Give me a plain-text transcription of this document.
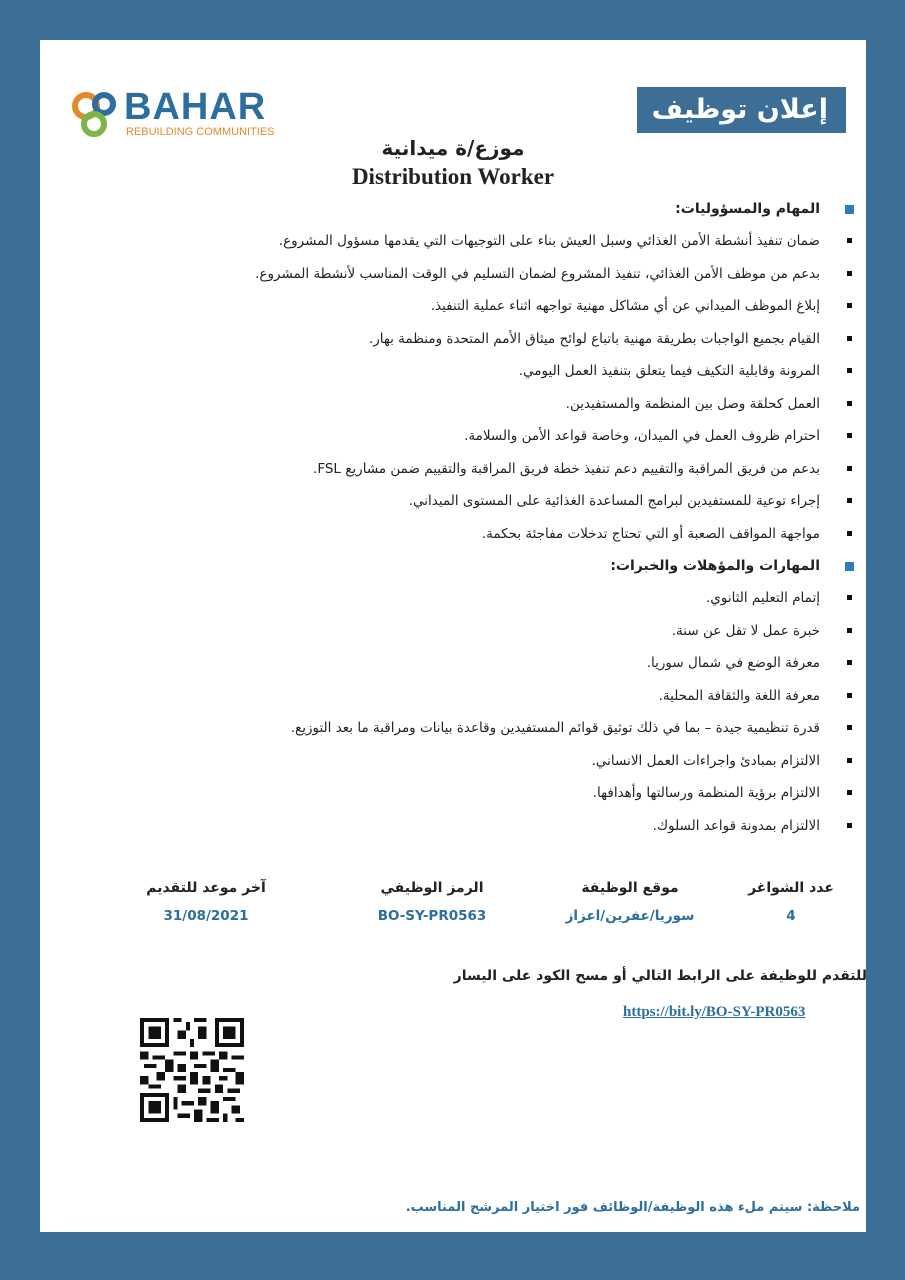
BAHAR
REBUILDING COMMUNITIES
إعلان توظيف
موزع/ة ميدانية
Distribution Worker
المهام والمسؤوليات:
ضمان تنفيذ أنشطة الأمن الغذائي وسبل العيش بناء على التوجيهات التي يقدمها مسؤول المشروع.
بدعم من موظف الأمن الغذائي، تنفيذ المشروع لضمان التسليم في الوقت المناسب لأنشطة المشروع.
إبلاغ الموظف الميداني عن أي مشاكل مهنية تواجهه اثناء عملية التنفيذ.
القيام بجميع الواجبات بطريقة مهنية باتباع لوائح ميثاق الأمم المتحدة ومنظمة بهار.
المرونة وقابلية التكيف فيما يتعلق بتنفيذ العمل اليومي.
العمل كحلقة وصل بين المنظمة والمستفيدين.
احترام ظروف العمل في الميدان، وخاصة قواعد الأمن والسلامة.
بدعم من فريق المراقبة والتقييم دعم تنفيذ خطة فريق المراقبة والتقييم ضمن مشاريع FSL.
إجراء توعية للمستفيدين لبرامج المساعدة الغذائية على المستوى الميداني.
مواجهة المواقف الصعبة أو التي تحتاج تدخلات مفاجئة بحكمة.
المهارات والمؤهلات والخبرات:
إتمام التعليم الثانوي.
خبرة عمل لا تقل عن سنة.
معرفة الوضع في شمال سوريا.
معرفة اللغة والثقافة المحلية.
قدرة تنظيمية جيدة – بما في ذلك توثيق قوائم المستفيدين وقاعدة بيانات ومراقبة ما بعد التوزيع.
الالتزام بمبادئ واجراءات العمل الانساني.
الالتزام برؤية المنظمة ورسالتها وأهدافها.
الالتزام بمدونة قواعد السلوك.
عدد الشواغر
4
موقع الوظيفة
سوريا/عفرين/اعزاز
الرمز الوظيفي
BO-SY-PR0563
آخر موعد للتقديم
31/08/2021
للتقدم للوظيفة على الرابط التالي أو مسح الكود على اليسار
https://bit.ly/BO-SY-PR0563
ملاحظة: سيتم ملء هذه الوظيفة/الوظائف فور اختيار المرشح المناسب.
